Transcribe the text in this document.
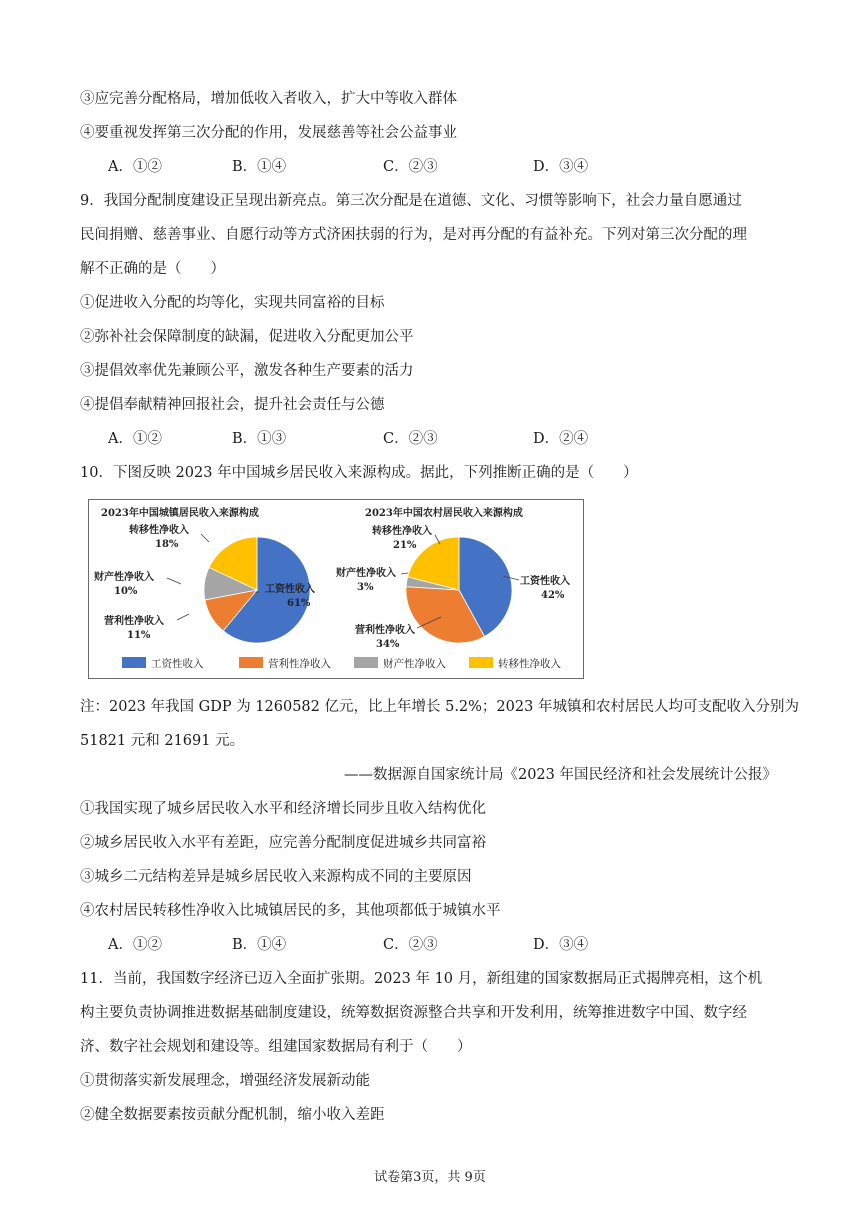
③应完善分配格局，增加低收入者收入，扩大中等收入群体
④要重视发挥第三次分配的作用，发展慈善等社会公益事业
A．①②	B．①④	C．②③	D．③④
9．我国分配制度建设正呈现出新亮点。第三次分配是在道德、文化、习惯等影响下，社会力量自愿通过
民间捐赠、慈善事业、自愿行动等方式济困扶弱的行为，是对再分配的有益补充。下列对第三次分配的理
解不正确的是（　　）
①促进收入分配的均等化，实现共同富裕的目标
②弥补社会保障制度的缺漏，促进收入分配更加公平
③提倡效率优先兼顾公平，激发各种生产要素的活力
④提倡奉献精神回报社会，提升社会责任与公德
A．①②	B．①③	C．②③	D．②④
10．下图反映 2023 年中国城乡居民收入来源构成。据此，下列推断正确的是（　　）
2023年中国城镇居民收入来源构成
工资性收入
61%
营利性净收入
11%
财产性净收入
10%
转移性净收入
18%
2023年中国农村居民收入来源构成
工资性收入
42%
营利性净收入
34%
财产性净收入
3%
转移性净收入
21%
工资性收入	营利性净收入	财产性净收入	转移性净收入
注：2023 年我国 GDP 为 1260582 亿元，比上年增长 5.2%；2023 年城镇和农村居民人均可支配收入分别为
51821 元和 21691 元。
——数据源自国家统计局《2023 年国民经济和社会发展统计公报》
①我国实现了城乡居民收入水平和经济增长同步且收入结构优化
②城乡居民收入水平有差距，应完善分配制度促进城乡共同富裕
③城乡二元结构差异是城乡居民收入来源构成不同的主要原因
④农村居民转移性净收入比城镇居民的多，其他项都低于城镇水平
A．①②	B．①④	C．②③	D．③④
11．当前，我国数字经济已迈入全面扩张期。2023 年 10 月，新组建的国家数据局正式揭牌亮相，这个机
构主要负责协调推进数据基础制度建设，统筹数据资源整合共享和开发利用，统筹推进数字中国、数字经
济、数字社会规划和建设等。组建国家数据局有利于（　　）
①贯彻落实新发展理念，增强经济发展新动能
②健全数据要素按贡献分配机制，缩小收入差距
试卷第3页，共 9页
